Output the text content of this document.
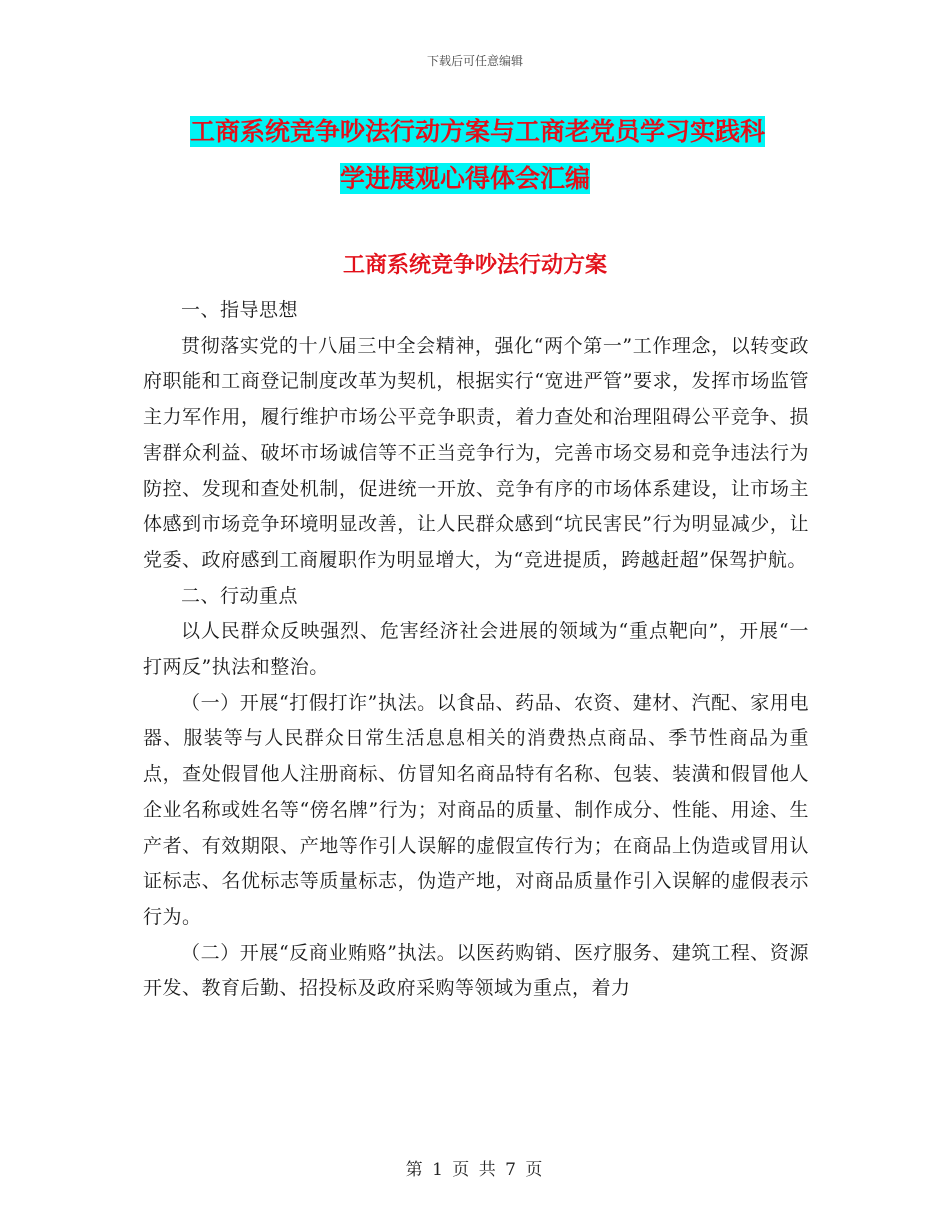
下载后可任意编辑
工商系统竞争吵法行动方案与工商老党员学习实践科
学进展观心得体会汇编
工商系统竞争吵法行动方案

一、指导思想

贯彻落实党的十八届三中全会精神，强化“两个第一”工作理念，以转变政府职能和工商登记制度改革为契机，根据实行“宽进严管”要求，发挥市场监管主力军作用，履行维护市场公平竞争职责，着力查处和治理阻碍公平竞争、损害群众利益、破坏市场诚信等不正当竞争行为，完善市场交易和竞争违法行为防控、发现和查处机制，促进统一开放、竞争有序的市场体系建设，让市场主体感到市场竞争环境明显改善，让人民群众感到“坑民害民”行为明显减少，让党委、政府感到工商履职作为明显增大，为“竞进提质，跨越赶超”保驾护航。

二、行动重点

以人民群众反映强烈、危害经济社会进展的领域为“重点靶向”，开展“一打两反”执法和整治。

（一）开展“打假打诈”执法。以食品、药品、农资、建材、汽配、家用电器、服装等与人民群众日常生活息息相关的消费热点商品、季节性商品为重点，查处假冒他人注册商标、仿冒知名商品特有名称、包装、装潢和假冒他人企业名称或姓名等“傍名牌”行为；对商品的质量、制作成分、性能、用途、生产者、有效期限、产地等作引人误解的虚假宣传行为；在商品上伪造或冒用认证标志、名优标志等质量标志，伪造产地，对商品质量作引入误解的虚假表示行为。

（二）开展“反商业贿赂”执法。以医药购销、医疗服务、建筑工程、资源开发、教育后勤、招投标及政府采购等领域为重点，着力

第 1 页 共 7 页
